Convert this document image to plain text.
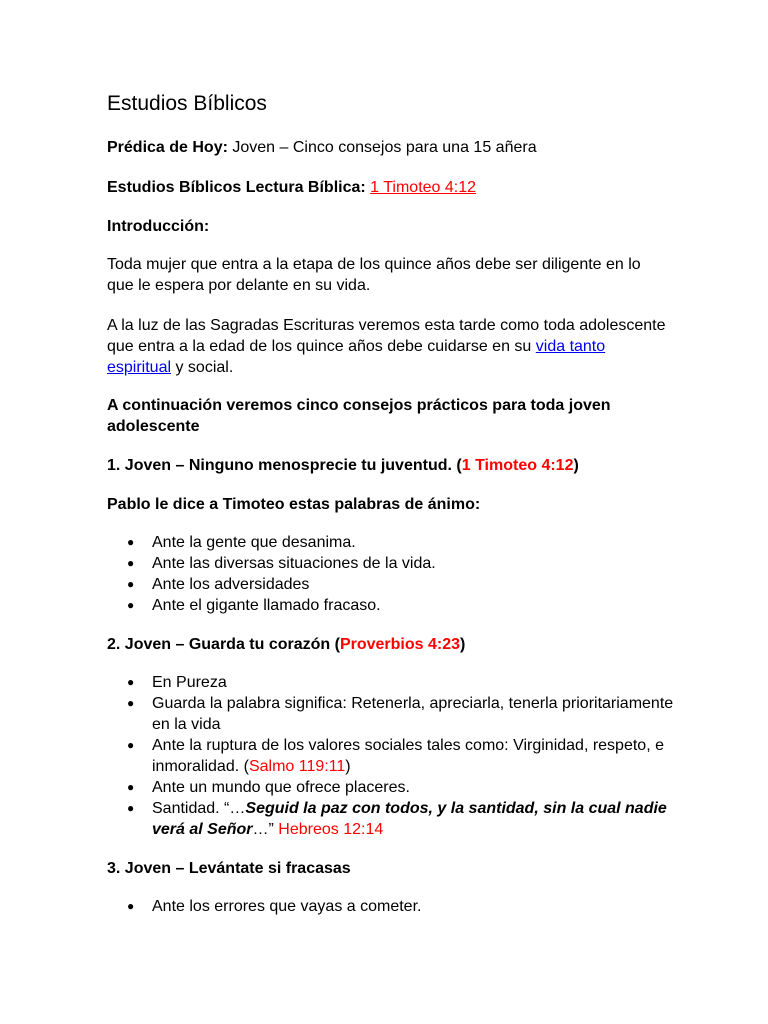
Estudios Bíblicos
Prédica de Hoy: Joven – Cinco consejos para una 15 añera
Estudios Bíblicos Lectura Bíblica: 1 Timoteo 4:12
Introducción:
Toda mujer que entra a la etapa de los quince años debe ser diligente en lo que le espera por delante en su vida.
A la luz de las Sagradas Escrituras veremos esta tarde como toda adolescente que entra a la edad de los quince años debe cuidarse en su vida tanto espiritual y social.
A continuación veremos cinco consejos prácticos para toda joven adolescente
1. Joven – Ninguno menosprecie tu juventud. (1 Timoteo 4:12)
Pablo le dice a Timoteo estas palabras de ánimo:
● Ante la gente que desanima.
● Ante las diversas situaciones de la vida.
● Ante los adversidades
● Ante el gigante llamado fracaso.
2. Joven – Guarda tu corazón (Proverbios 4:23)
● En Pureza
● Guarda la palabra significa: Retenerla, apreciarla, tenerla prioritariamente en la vida
● Ante la ruptura de los valores sociales tales como: Virginidad, respeto, e inmoralidad. (Salmo 119:11)
● Ante un mundo que ofrece placeres.
● Santidad. “…Seguid la paz con todos, y la santidad, sin la cual nadie verá al Señor…” Hebreos 12:14
3. Joven – Levántate si fracasas
● Ante los errores que vayas a cometer.
